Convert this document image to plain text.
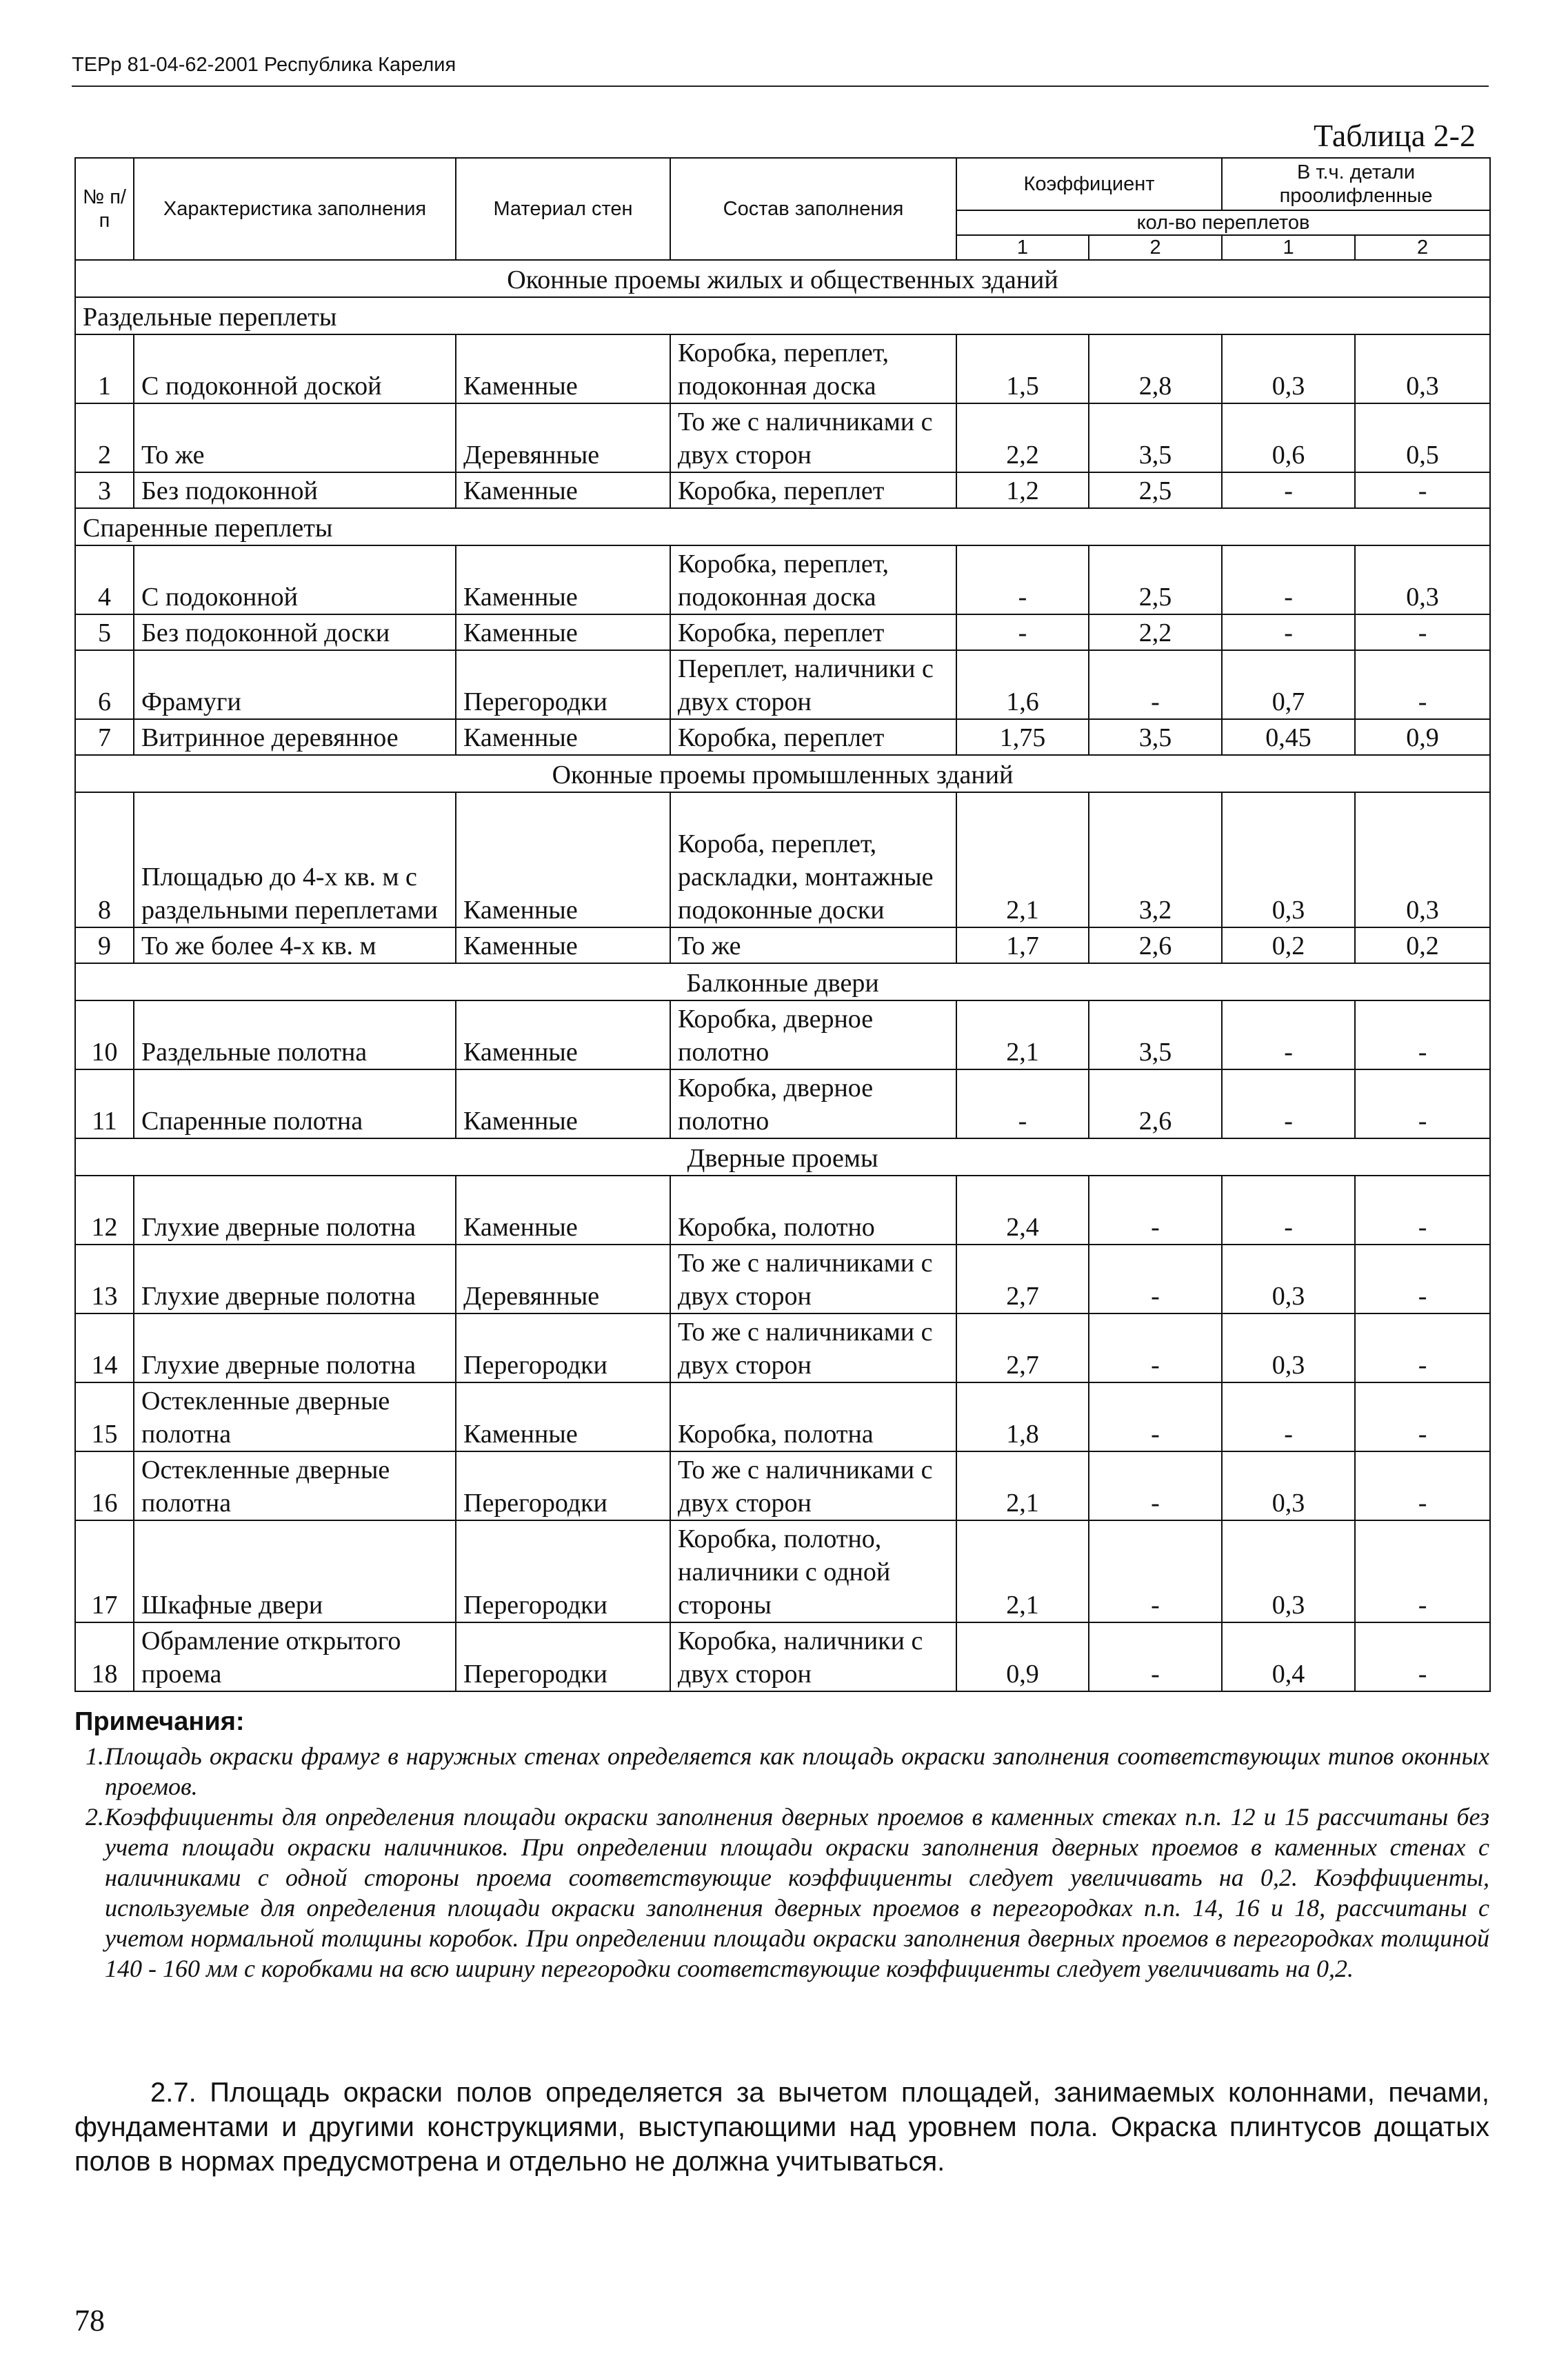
ТЕРр 81-04-62-2001 Республика Карелия
Таблица 2-2
№ п/п	Характеристика заполнения	Материал стен	Состав заполнения	Коэффициент		В т.ч. детали проолифленные	
				кол-во переплетов			
				1	2	1	2
Оконные проемы жилых и общественных зданий							
Раздельные переплеты							
1	С подоконной доской	Каменные	Коробка, переплет, подоконная доска	1,5	2,8	0,3	0,3
2	То же	Деревянные	То же с наличниками с двух сторон	2,2	3,5	0,6	0,5
3	Без подоконной	Каменные	Коробка, переплет	1,2	2,5	-	-
Спаренные переплеты							
4	С подоконной	Каменные	Коробка, переплет, подоконная доска	-	2,5	-	0,3
5	Без подоконной доски	Каменные	Коробка, переплет	-	2,2	-	-
6	Фрамуги	Перегородки	Переплет, наличники с двух сторон	1,6	-	0,7	-
7	Витринное деревянное	Каменные	Коробка, переплет	1,75	3,5	0,45	0,9
Оконные проемы промышленных зданий							
8	Площадью до 4-х кв. м с раздельными переплетами	Каменные	Короба, переплет, раскладки, монтажные подоконные доски	2,1	3,2	0,3	0,3
9	То же более 4-х кв. м	Каменные	То же	1,7	2,6	0,2	0,2
Балконные двери							
10	Раздельные полотна	Каменные	Коробка, дверное полотно	2,1	3,5	-	-
11	Спаренные полотна	Каменные	Коробка, дверное полотно	-	2,6	-	-
Дверные проемы							
12	Глухие дверные полотна	Каменные	Коробка, полотно	2,4	-	-	-
13	Глухие дверные полотна	Деревянные	То же с наличниками с двух сторон	2,7	-	0,3	-
14	Глухие дверные полотна	Перегородки	То же с наличниками с двух сторон	2,7	-	0,3	-
15	Остекленные дверные полотна	Каменные	Коробка, полотна	1,8	-	-	-
16	Остекленные дверные полотна	Перегородки	То же с наличниками с двух сторон	2,1	-	0,3	-
17	Шкафные двери	Перегородки	Коробка, полотно, наличники с одной стороны	2,1	-	0,3	-
18	Обрамление открытого проема	Перегородки	Коробка, наличники с двух сторон	0,9	-	0,4	-
Примечания:

1.Площадь окраски фрамуг в наружных стенах определяется как площадь окраски заполнения соответствующих типов оконных проемов.

2.Коэффициенты для определения площади окраски заполнения дверных проемов в каменных стеках п.п. 12 и 15 рассчитаны без учета площади окраски наличников. При определении площади окраски заполнения дверных проемов в каменных стенах с наличниками с одной стороны проема соответствующие коэффициенты следует увеличивать на 0,2. Коэффициенты, используемые для определения площади окраски заполнения дверных проемов в перегородках п.п. 14, 16 и 18, рассчитаны с учетом нормальной толщины коробок. При определении площади окраски заполнения дверных проемов в перегородках толщиной 140 - 160 мм с коробками на всю ширину перегородки соответствующие коэффициенты следует увеличивать на 0,2.

2.7. Площадь окраски полов определяется за вычетом площадей, занимаемых колоннами, печами, фундаментами и другими конструкциями, выступающими над уровнем пола. Окраска плинтусов дощатых полов в нормах предусмотрена и отдельно не должна учитываться.

78
